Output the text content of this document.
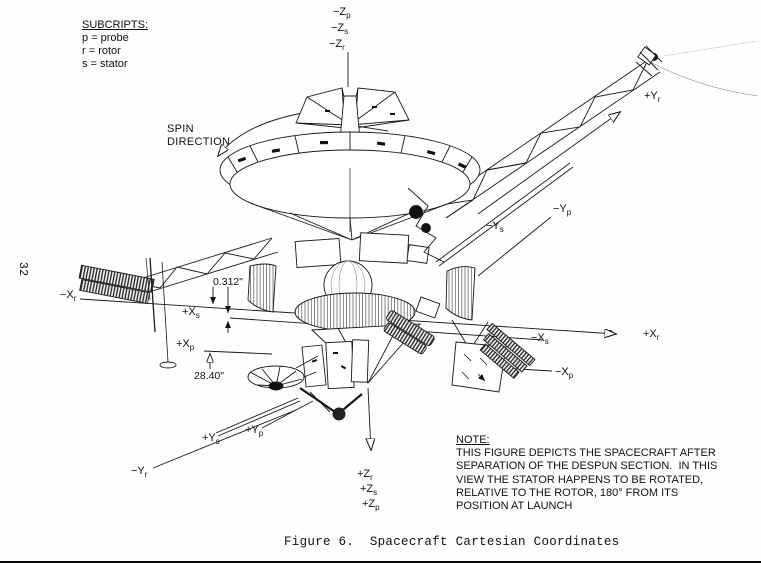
32
SUBCRIPTS:
p = probe
r = rotor
s = stator
SPIN
DIRECTION
$-Z_p$
$-Z_s$
$-Z_r$
$+Y_r$
$-Y_p$
$-Y_s$
$-X_r$
$+X_s$
$+X_p$
$-X_s$
$+X_r$
$-X_p$
$+Y_s$
$+Y_p$
$-Y_r$	$+Z_r$
$+Z_s$
$+Z_p$
0.312"
28.40"
NOTE:
THIS FIGURE DEPICTS THE SPACECRAFT AFTER
SEPARATION OF THE DESPUN SECTION.  IN THIS
VIEW THE STATOR HAPPENS TO BE ROTATED,
RELATIVE TO THE ROTOR, 180° FROM ITS
POSITION AT LAUNCH
Figure 6.  Spacecraft Cartesian Coordinates
